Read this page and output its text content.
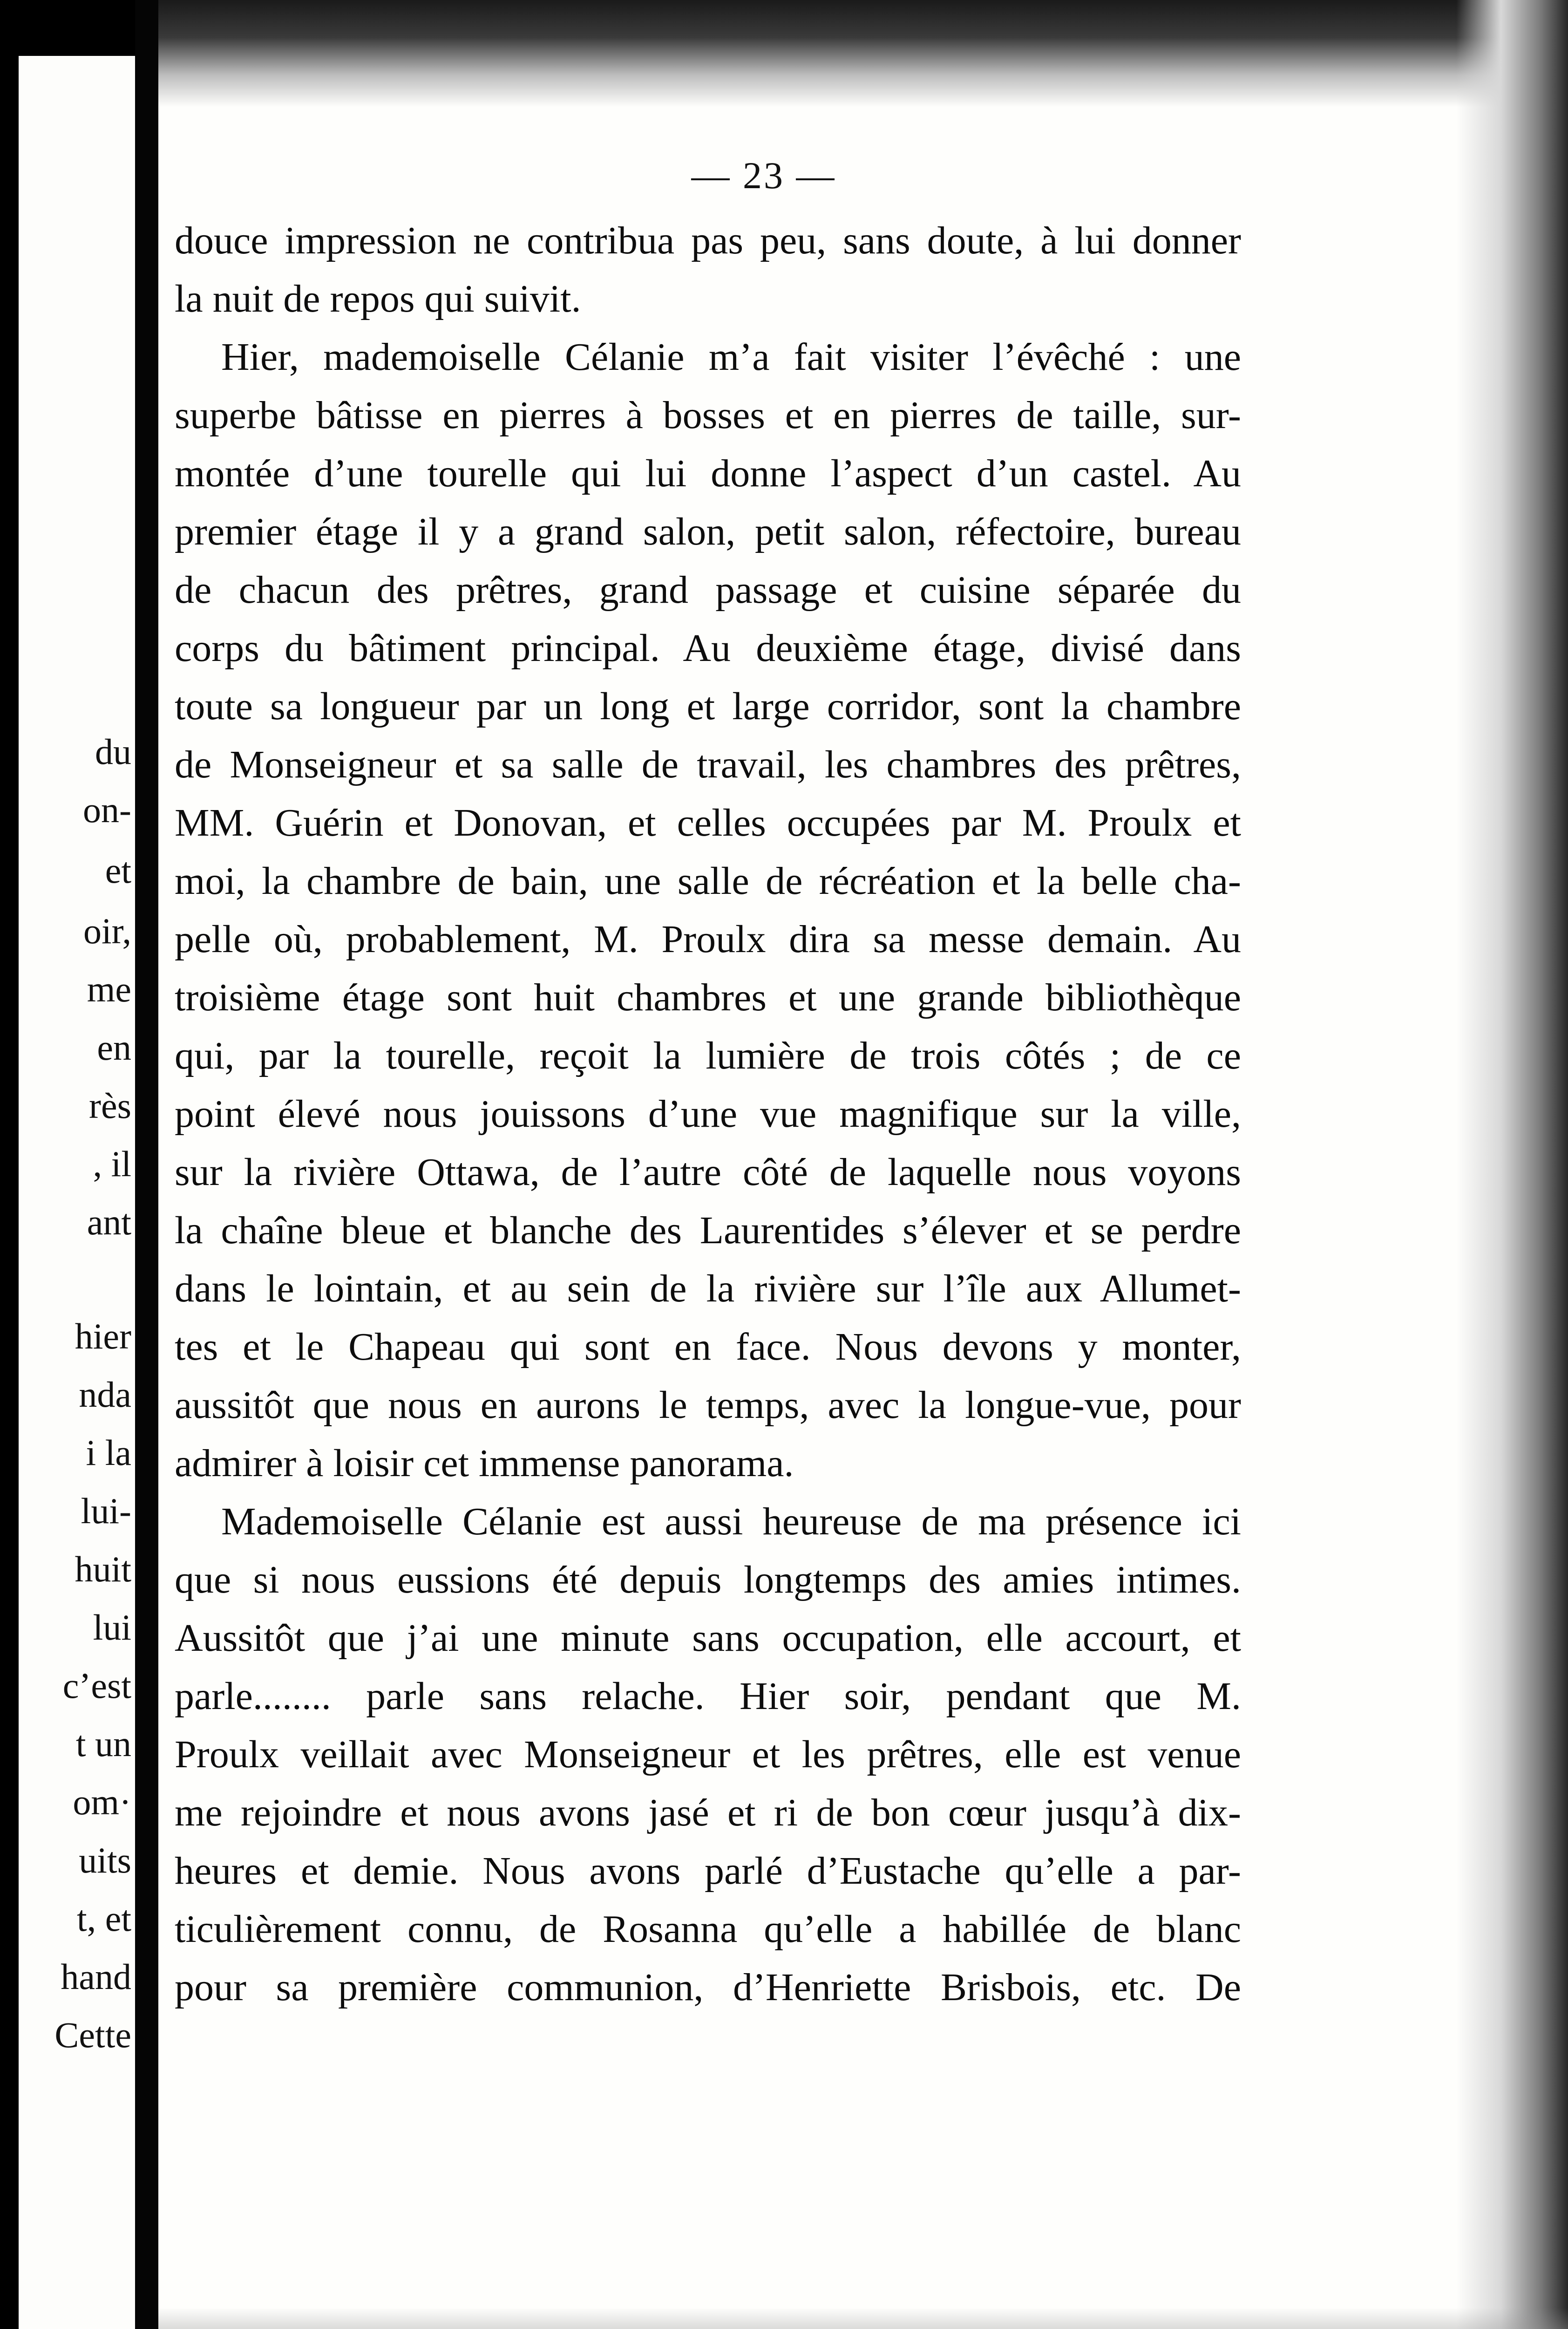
du
on-
et
oir,
me
en
rès
, il
ant
hier
nda
i la
lui-
huit
lui
c’est
t un
om·
uits
t, et
hand
Cette
— 23 —
douce impression ne contribua pas peu, sans doute, à lui donner
la nuit de repos qui suivit.
Hier, mademoiselle Célanie m’a fait visiter l’évêché : une
superbe bâtisse en pierres à bosses et en pierres de taille, sur-
montée d’une tourelle qui lui donne l’aspect d’un castel. Au
premier étage il y a grand salon, petit salon, réfectoire, bureau
de chacun des prêtres, grand passage et cuisine séparée du
corps du bâtiment principal. Au deuxième étage, divisé dans
toute sa longueur par un long et large corridor, sont la chambre
de Monseigneur et sa salle de travail, les chambres des prêtres,
MM. Guérin et Donovan, et celles occupées par M. Proulx et
moi, la chambre de bain, une salle de récréation et la belle cha-
pelle où, probablement, M. Proulx dira sa messe demain. Au
troisième étage sont huit chambres et une grande bibliothèque
qui, par la tourelle, reçoit la lumière de trois côtés ; de ce
point élevé nous jouissons d’une vue magnifique sur la ville,
sur la rivière Ottawa, de l’autre côté de laquelle nous voyons
la chaîne bleue et blanche des Laurentides s’élever et se perdre
dans le lointain, et au sein de la rivière sur l’île aux Allumet-
tes et le Chapeau qui sont en face. Nous devons y monter,
aussitôt que nous en aurons le temps, avec la longue-vue, pour
admirer à loisir cet immense panorama.
Mademoiselle Célanie est aussi heureuse de ma présence ici
que si nous eussions été depuis longtemps des amies intimes.
Aussitôt que j’ai une minute sans occupation, elle accourt, et
parle........ parle sans relache. Hier soir, pendant que M.
Proulx veillait avec Monseigneur et les prêtres, elle est venue
me rejoindre et nous avons jasé et ri de bon cœur jusqu’à dix-
heures et demie. Nous avons parlé d’Eustache qu’elle a par-
ticulièrement connu, de Rosanna qu’elle a habillée de blanc
pour sa première communion, d’Henriette Brisbois, etc. De
